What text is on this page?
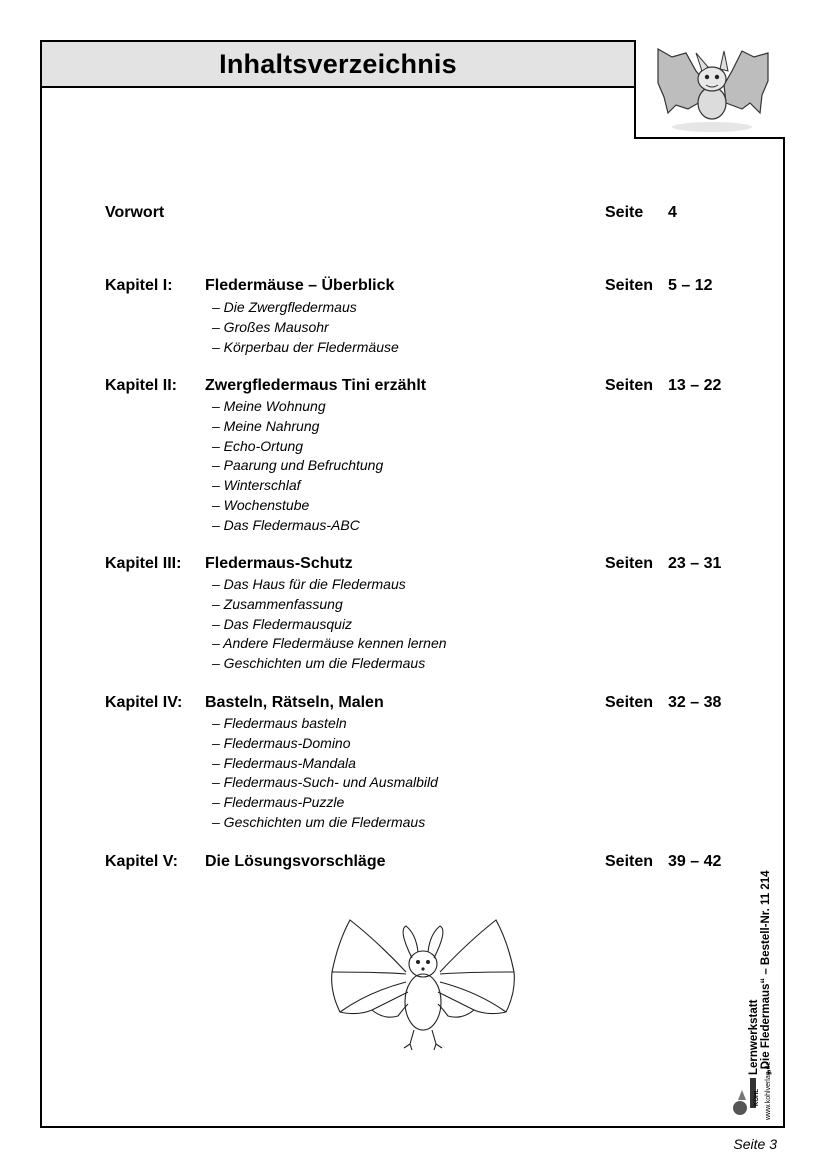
Inhaltsverzeichnis
Vorwort	Seite 4
Kapitel I: Fledermäuse – Überblick	Seiten 5 – 12
– Die Zwergfledermaus
– Großes Mausohr
– Körperbau der Fledermäuse
Kapitel II: Zwergfledermaus Tini erzählt	Seiten 13 – 22
– Meine Wohnung
– Meine Nahrung
– Echo-Ortung
– Paarung und Befruchtung
– Winterschlaf
– Wochenstube
– Das Fledermaus-ABC
Kapitel III: Fledermaus-Schutz	Seiten 23 – 31
– Das Haus für die Fledermaus
– Zusammenfassung
– Das Fledermausquiz
– Andere Fledermäuse kennen lernen
– Geschichten um die Fledermaus
Kapitel IV: Basteln, Rätseln, Malen	Seiten 32 – 38
– Fledermaus basteln
– Fledermaus-Domino
– Fledermaus-Mandala
– Fledermaus-Such- und Ausmalbild
– Fledermaus-Puzzle
– Geschichten um die Fledermaus
Kapitel V: Die Lösungsvorschläge	Seiten 39 – 42
Lernwerkstatt „Die Fledermaus“ – Bestell-Nr. 11 214
KOHL www.kohlverlag.de
Seite 3
